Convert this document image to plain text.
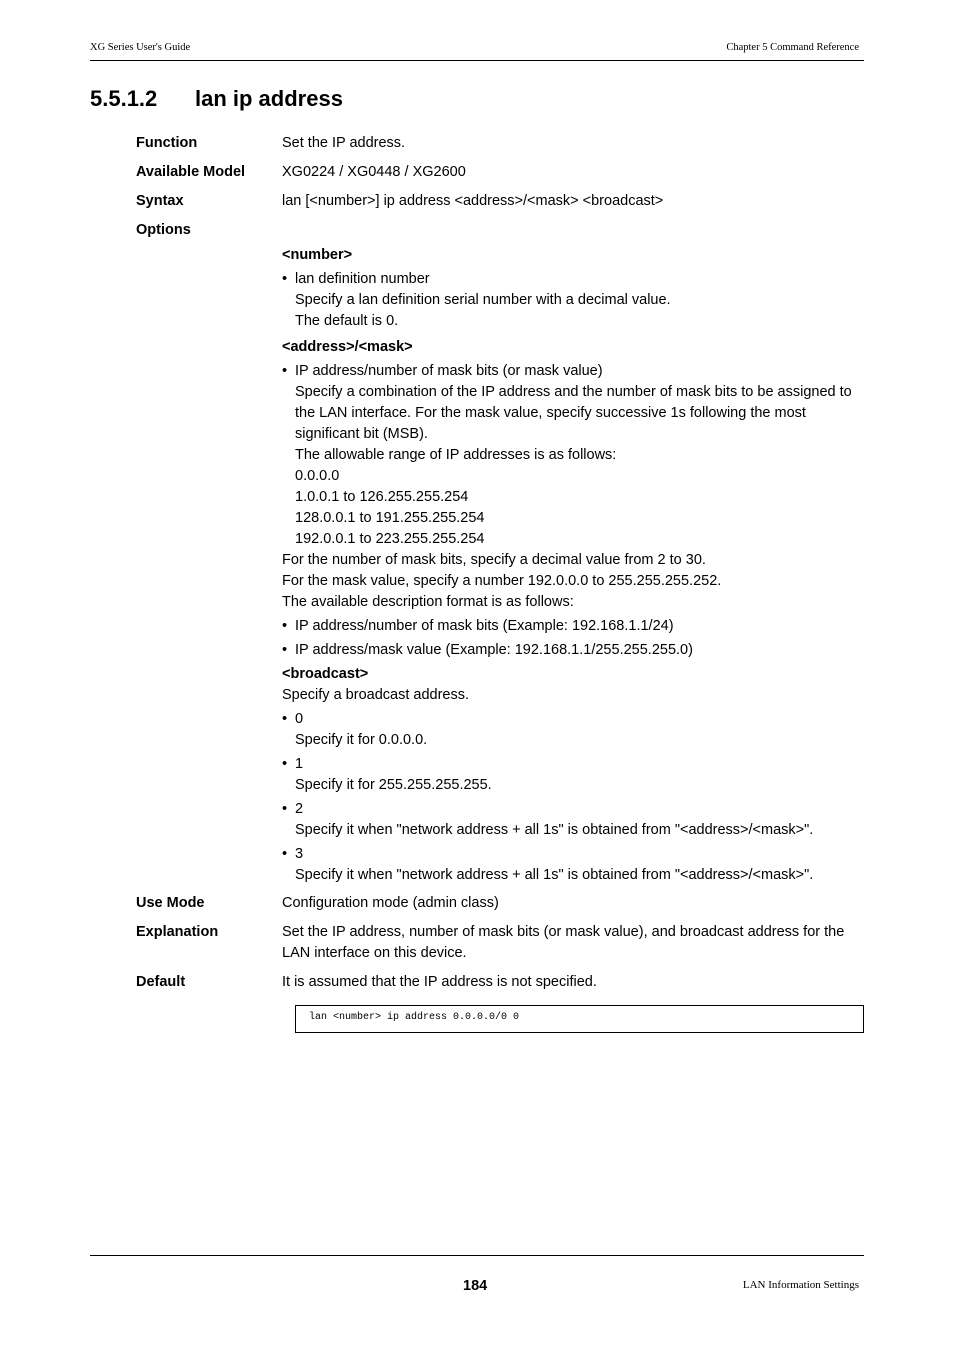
XG Series User's Guide	Chapter 5 Command Reference
5.5.1.2 lan ip address
Function	Set the IP address.
Available Model	XG0224 / XG0448 / XG2600
Syntax	lan [<number>] ip address <address>/<mask> <broadcast>
Options
<number>
• lan definition number
Specify a lan definition serial number with a decimal value.
The default is 0.
<address>/<mask>
• IP address/number of mask bits (or mask value)
Specify a combination of the IP address and the number of mask bits to be assigned to the LAN interface. For the mask value, specify successive 1s following the most significant bit (MSB).
The allowable range of IP addresses is as follows:
0.0.0.0
1.0.0.1 to 126.255.255.254
128.0.0.1 to 191.255.255.254
192.0.0.1 to 223.255.255.254
For the number of mask bits, specify a decimal value from 2 to 30.
For the mask value, specify a number 192.0.0.0 to 255.255.255.252.
The available description format is as follows:
• IP address/number of mask bits (Example: 192.168.1.1/24)
• IP address/mask value (Example: 192.168.1.1/255.255.255.0)
<broadcast>
Specify a broadcast address.
• 0
Specify it for 0.0.0.0.
• 1
Specify it for 255.255.255.255.
• 2
Specify it when "network address + all 1s" is obtained from "<address>/<mask>".
• 3
Specify it when "network address + all 1s" is obtained from "<address>/<mask>".
Use Mode	Configuration mode (admin class)
Explanation	Set the IP address, number of mask bits (or mask value), and broadcast address for the LAN interface on this device.
Default	It is assumed that the IP address is not specified.
lan <number> ip address 0.0.0.0/0 0
184	LAN Information Settings
